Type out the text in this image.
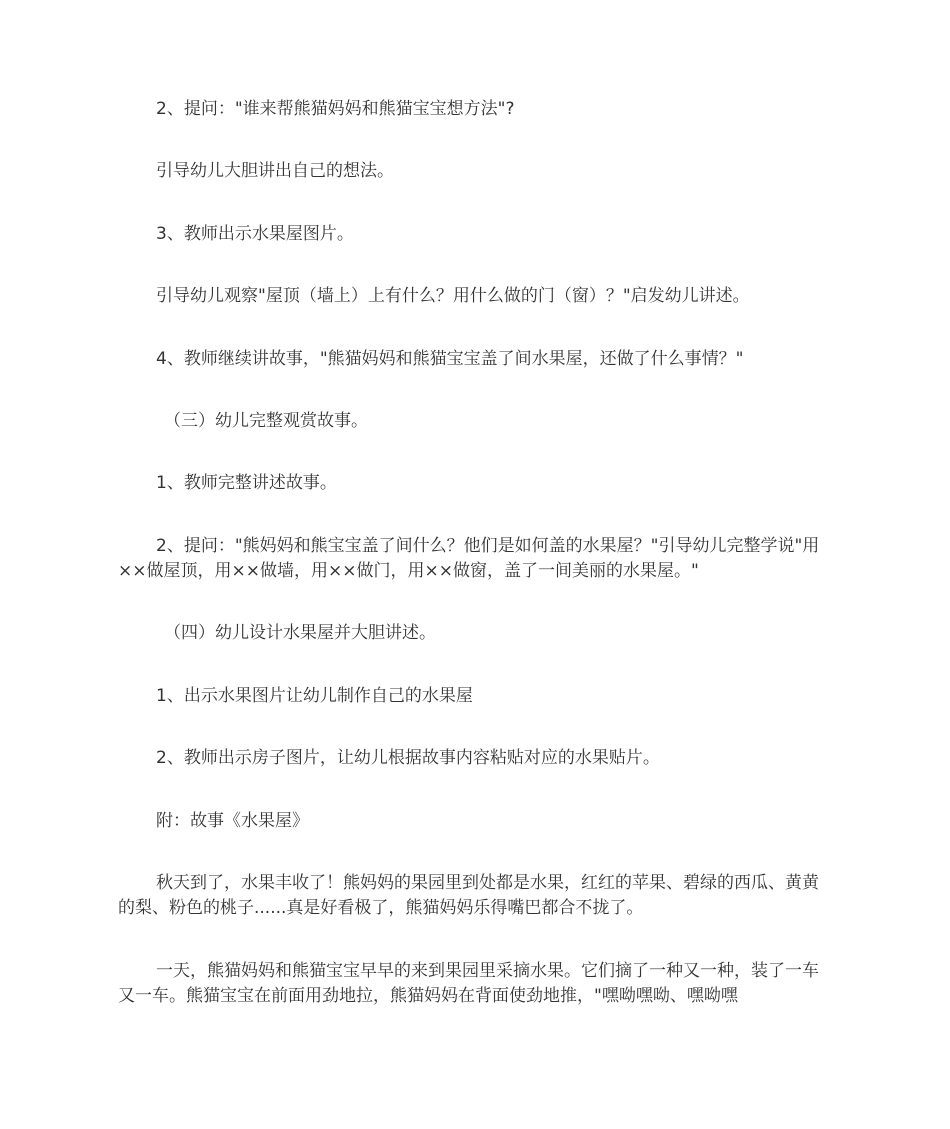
2、提问："谁来帮熊猫妈妈和熊猫宝宝想方法"?

引导幼儿大胆讲出自己的想法。

3、教师出示水果屋图片。

引导幼儿观察"屋顶（墙上）上有什么？用什么做的门（窗）？"启发幼儿讲述。

4、教师继续讲故事，"熊猫妈妈和熊猫宝宝盖了间水果屋，还做了什么事情？"

（三）幼儿完整观赏故事。

1、教师完整讲述故事。

2、提问："熊妈妈和熊宝宝盖了间什么？他们是如何盖的水果屋？"引导幼儿完整学说"用××做屋顶，用××做墙，用××做门，用××做窗，盖了一间美丽的水果屋。"

（四）幼儿设计水果屋并大胆讲述。

1、出示水果图片让幼儿制作自己的水果屋

2、教师出示房子图片，让幼儿根据故事内容粘贴对应的水果贴片。

附：故事《水果屋》

秋天到了，水果丰收了！熊妈妈的果园里到处都是水果，红红的苹果、碧绿的西瓜、黄黄的梨、粉色的桃子......真是好看极了，熊猫妈妈乐得嘴巴都合不拢了。

一天，熊猫妈妈和熊猫宝宝早早的来到果园里采摘水果。它们摘了一种又一种，装了一车又一车。熊猫宝宝在前面用劲地拉，熊猫妈妈在背面使劲地推，"嘿呦嘿呦、嘿呦嘿
